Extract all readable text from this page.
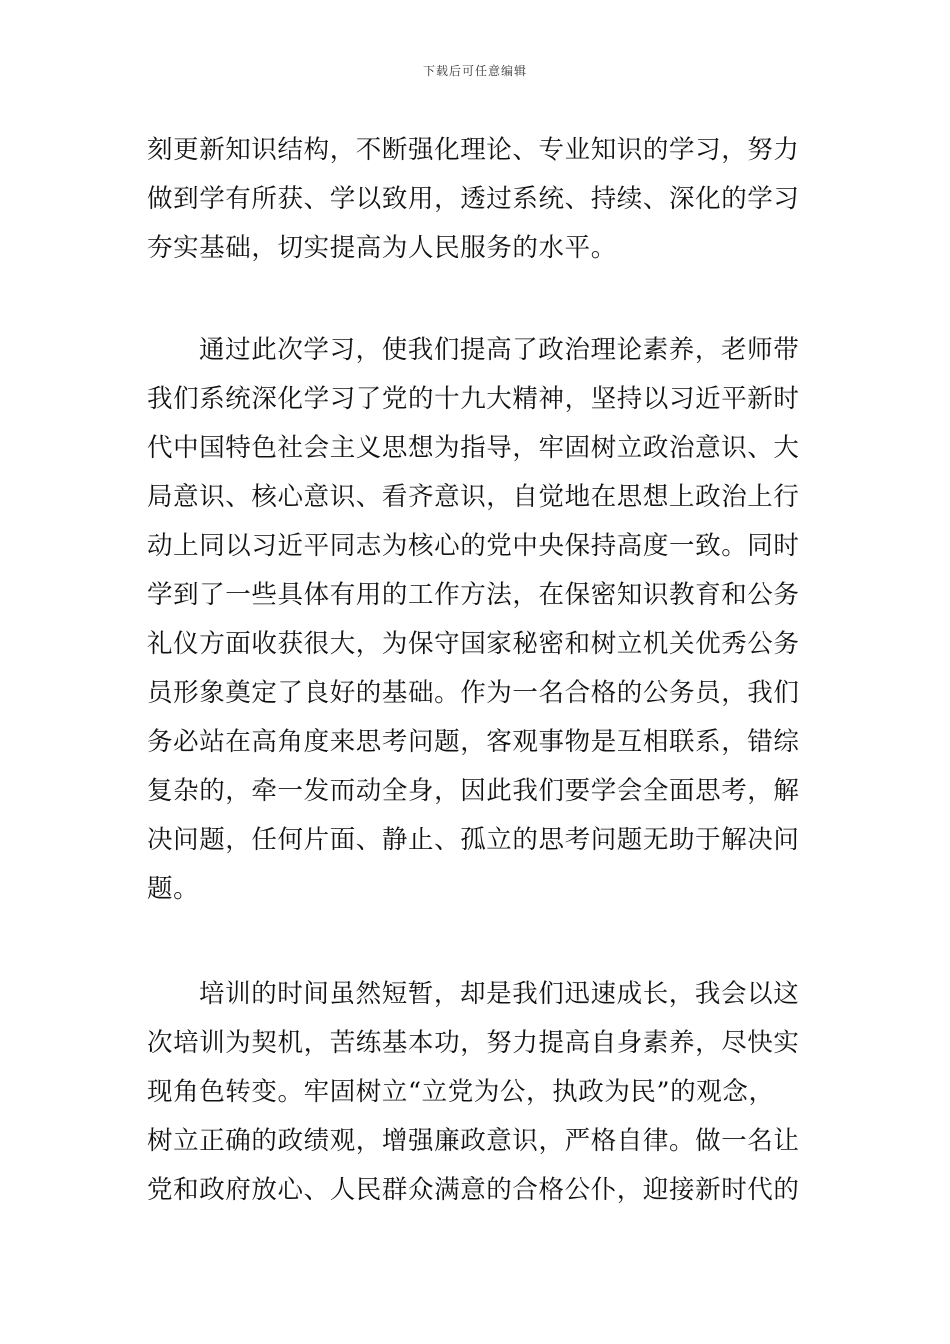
下载后可任意编辑
刻更新知识结构，不断强化理论、专业知识的学习，努力
做到学有所获、学以致用，透过系统、持续、深化的学习
夯实基础，切实提高为人民服务的水平。
通过此次学习，使我们提高了政治理论素养，老师带
我们系统深化学习了党的十九大精神，坚持以习近平新时
代中国特色社会主义思想为指导，牢固树立政治意识、大
局意识、核心意识、看齐意识，自觉地在思想上政治上行
动上同以习近平同志为核心的党中央保持高度一致。同时
学到了一些具体有用的工作方法，在保密知识教育和公务
礼仪方面收获很大，为保守国家秘密和树立机关优秀公务
员形象奠定了良好的基础。作为一名合格的公务员，我们
务必站在高角度来思考问题，客观事物是互相联系，错综
复杂的，牵一发而动全身，因此我们要学会全面思考，解
决问题，任何片面、静止、孤立的思考问题无助于解决问
题。
培训的时间虽然短暂，却是我们迅速成长，我会以这
次培训为契机，苦练基本功，努力提高自身素养，尽快实
现角色转变。牢固树立“立党为公，执政为民”的观念，
树立正确的政绩观，增强廉政意识，严格自律。做一名让
党和政府放心、人民群众满意的合格公仆，迎接新时代的
